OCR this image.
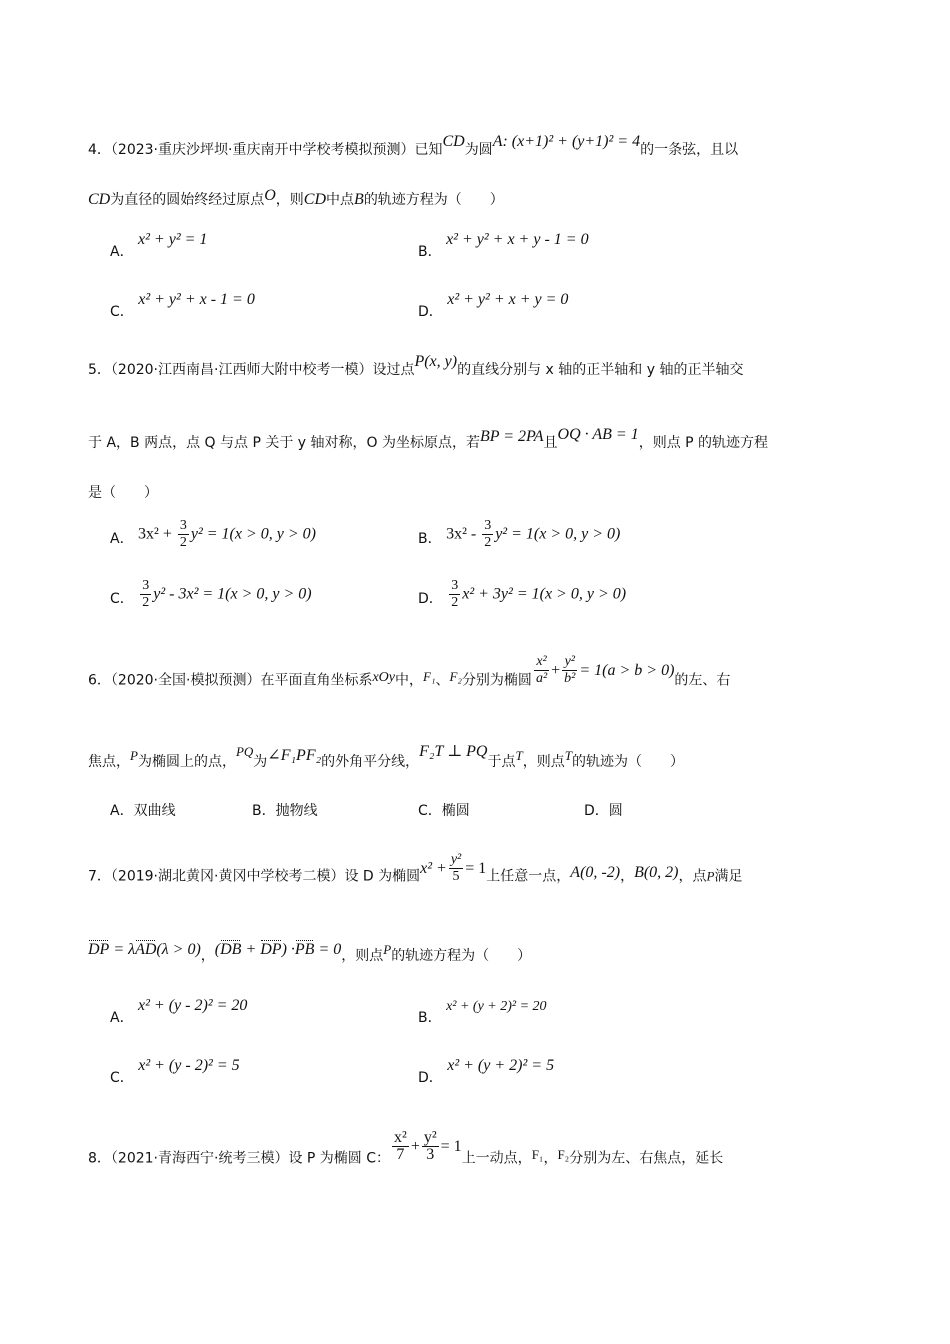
4．（2023·重庆沙坪坝·重庆南开中学校考模拟预测）已知CD为圆A: (x+1)² + (y+1)² = 4的一条弦，且以
CD为直径的圆始终经过原点O，则CD中点B的轨迹方程为（　　）
A． x² + y² = 1
B． x² + y² + x + y - 1 = 0
C． x² + y² + x - 1 = 0
D． x² + y² + x + y = 0
5．（2020·江西南昌·江西师大附中校考一模）设过点P(x, y)的直线分别与 x 轴的正半轴和 y 轴的正半轴交
于 A，B 两点，点 Q 与点 P 关于 y 轴对称，O 为坐标原点，若BP = 2PA且OQ · AB = 1，则点 P 的轨迹方程
是（　　）
A． $3x^2 + \frac{3}{2} y^2 = 1(x > 0$, y > 0)	B． $3x^2 - \frac{3}{2} y^2 = 1(x > 0$, y > 0)
C． $\frac{3}{2} y^2 - 3x^2 = 1(x > 0$, y > 0)	D． $\frac{3}{2} x^2 + 3y^2 = 1(x > 0$, y > 0)
6．（2020·全国·模拟预测）在平面直角坐标系xOy中，F₁、F₂分别为椭圆 $\frac{\text{x²}}{\text{a²}} + \frac{\text{y²}}{\text{b²}} = 1(a > b > 0)$的左、右
焦点，P为椭圆上的点，PQ为∠F₁PF₂的外角平分线，F₂T ⊥ PQ于点T，则点T的轨迹为（　　）
A．双曲线	B．抛物线	C．椭圆	D．圆
7．（2019·湖北黄冈·黄冈中学校考二模）设 D 为椭圆$x^2 + \frac{\text{y²}}{5} = 1$上任意一点，A(0, -2)，B(0, 2)，点P满足
DP = λAD(λ > 0)，(DB + DP) ·PB = 0，则点P的轨迹方程为（　　）
A． x² + (y - 2)² = 20
B． x² + (y + 2)² = 20
C． x² + (y - 2)² = 5
D． x² + (y + 2)² = 5
8．（2021·青海西宁·统考三模）设 P 为椭圆 C： $\frac{\text{x²}}{7} + \frac{\text{y²}}{3} = 1$上一动点，F₁，F₂分别为左、右焦点，延长
